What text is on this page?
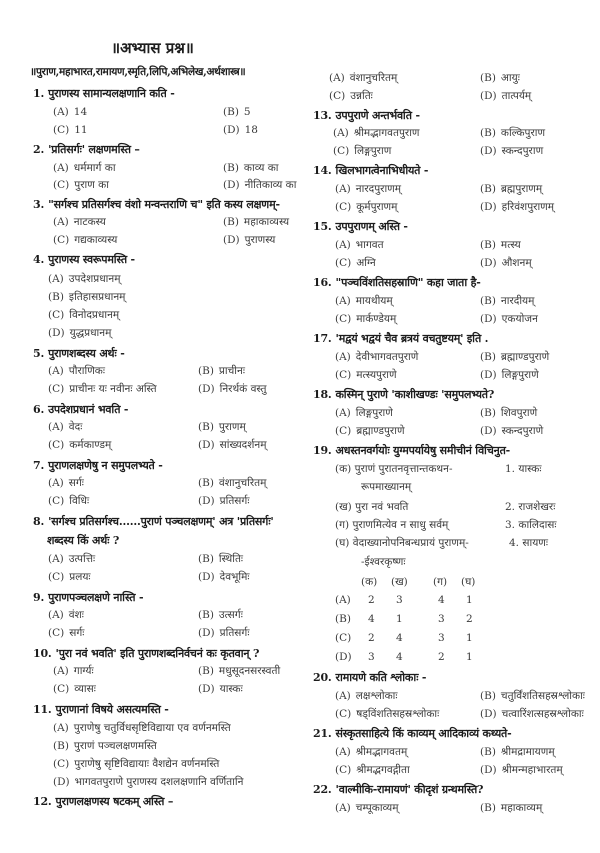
॥अभ्यास प्रश्न॥
॥पुराण,महाभारत,रामायण,स्मृति,लिपि,अभिलेख,अर्थशास्त्र॥
1. पुराणस्य सामान्यलक्षणानि कति -
(A) 14	(B) 5
(C) 11	(D) 18
2. 'प्रतिसर्गः' लक्षणमस्ति –
(A) धर्ममार्ग का	(B) काव्य का
(C) पुराण का	(D) नीतिकाव्य का
3. "सर्गश्च प्रतिसर्गश्च वंशो मन्वन्तराणि च" इति कस्य लक्षणम्-
(A) नाटकस्य	(B) महाकाव्यस्य
(C) गद्यकाव्यस्य	(D) पुराणस्य
4. पुराणस्य स्वरूपमस्ति -
(A) उपदेशप्रधानम्
(B) इतिहासप्रधानम्
(C) विनोदप्रधानम्
(D) युद्धप्रधानम्
5. पुराणशब्दस्य अर्थः -
(A) पौराणिकः	(B) प्राचीनः
(C) प्राचीनः यः नवीनः अस्ति	(D) निरर्थकं वस्तु
6. उपदेशप्रधानं भवति -
(A) वेदः	(B) पुराणम्
(C) कर्मकाण्डम्	(D) सांख्यदर्शनम्
7. पुराणलक्षणेषु न समुपलभ्यते -
(A) सर्गः	(B) वंशानुचरितम्
(C) विधिः	(D) प्रतिसर्गः
8. 'सर्गश्च प्रतिसर्गश्च......पुराणं पञ्चलक्षणम्' अत्र 'प्रतिसर्गः'
शब्दस्य किं अर्थः ?
(A) उत्पत्तिः	(B) स्थितिः
(C) प्रलयः	(D) देवभूमिः
9. पुराणपञ्चलक्षणे नास्ति -
(A) वंशः	(B) उत्सर्गः
(C) सर्गः	(D) प्रतिसर्गः
10. 'पुरा नवं भवति' इति पुराणशब्दनिर्वचनं कः कृतवान् ?
(A) गार्ग्यः	(B) मधुसूदनसरस्वती
(C) व्यासः	(D) यास्कः
11. पुराणानां विषये असत्यमस्ति -
(A) पुराणेषु चतुर्विधसृष्टिविद्याया एव वर्णनमस्ति
(B) पुराणं पञ्चलक्षणमस्ति
(C) पुराणेषु सृष्टिविद्यायाः वैशद्येन वर्णनमस्ति
(D) भागवतपुराणे पुराणस्य दशलक्षणानि वर्णितानि
12. पुराणलक्षणस्य षटकम् अस्ति –
(A) वंशानुचरितम्	(B) आयुः
(C) उन्नतिः	(D) तात्पर्यम्
13. उपपुराणे अन्तर्भवति -
(A) श्रीमद्भागवतपुराण	(B) कल्किपुराण
(C) लिङ्गपुराण	(D) स्कन्दपुराण
14. खिलभागत्वेनाभिधीयते -
(A) नारदपुराणम्	(B) ब्रह्मपुराणम्
(C) कूर्मपुराणम्	(D) हरिवंशपुराणम्
15. उपपुराणम् अस्ति -
(A) भागवत	(B) मत्स्य
(C) अग्नि	(D) औशनम्
16. "पञ्चविंशतिसहस्राणि" कहा जाता है-
(A) मायथीयम्	(B) नारदीयम्
(C) मार्कण्डेयम्	(D) एकयोजन
17. 'मद्वयं भद्वयं चैव ब्रत्रयं वचतुष्टयम्' इति .
(A) देवीभागवतपुराणे	(B) ब्रह्माण्डपुराणे
(C) मत्स्यपुराणे	(D) लिङ्गपुराणे
18. कस्मिन् पुराणे 'काशीखण्डः 'समुपलभ्यते?
(A) लिङ्गपुराणे	(B) शिवपुराणे
(C) ब्रह्माण्डपुराणे	(D) स्कन्दपुराणे
19. अधस्तनवर्गयोः युग्मपर्यायेषु समीचीनं विचिनुत-
(क) पुराणं पुरातनवृत्तान्तकथन-
रूपमाख्यानम्
(ख) पुरा नवं भवति
(ग) पुराणमित्येव न साधु सर्वम्
(घ) वेदाख्यानोपनिबन्धप्रायं पुराणम्-
-ईश्वरकृष्णः
1. यास्कः
2. राजशेखरः
3. कालिदासः
4. सायणः
(क) (ख) (ग) (घ)
(A) 2 3	4 1
(B) 4 1	3 2
(C) 2 4	3 1
(D) 3 4	2 1
20. रामायणे कति श्लोकाः -
(A) लक्षश्लोकाः	(B) चतुर्विंशतिसहस्रश्लोकाः
(C) षड्विंशतिसहस्रश्लोकाः	(D) चत्वारिंशत्सहस्रश्लोकाः
21. संस्कृतसाहित्ये किं काव्यम् आदिकाव्यं कथ्यते-
(A) श्रीमद्भागवतम्	(B) श्रीमद्रामायणम्
(C) श्रीमद्भगवद्गीता	(D) श्रीमन्महाभारतम्
22. 'वाल्मीकि-रामायणं' कीदृशं ग्रन्थमस्ति?
(A) चम्पूकाव्यम्	(B) महाकाव्यम्
